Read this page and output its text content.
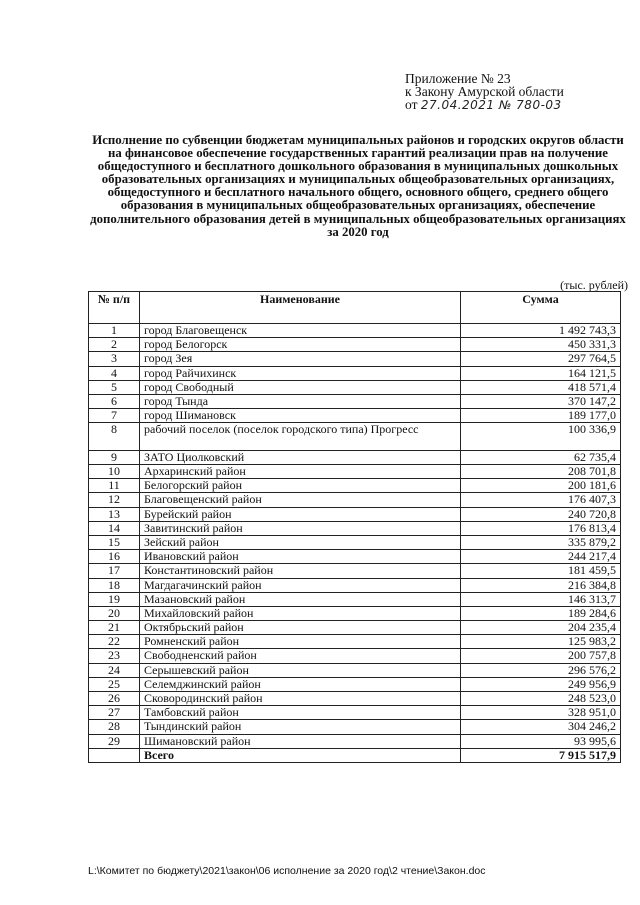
Приложение № 23
к Закону Амурской области
от 27.04.2021 № 780-03
Исполнение по субвенции бюджетам муниципальных районов и городских округов области на финансовое обеспечение государственных гарантий реализации прав на получение общедоступного и бесплатного дошкольного образования в муниципальных дошкольных образовательных организациях и муниципальных общеобразовательных организациях, общедоступного и бесплатного начального общего, основного общего, среднего общего образования в муниципальных общеобразовательных организациях, обеспечение дополнительного образования детей в муниципальных общеобразовательных организациях за 2020 год
(тыс. рублей)
№ п/п	Наименование	Сумма
1	город Благовещенск	1 492 743,3
2	город Белогорск	450 331,3
3	город Зея	297 764,5
4	город Райчихинск	164 121,5
5	город Свободный	418 571,4
6	город Тында	370 147,2
7	город Шимановск	189 177,0
8	рабочий поселок (поселок городского типа) Прогресс	100 336,9
9	ЗАТО Циолковский	62 735,4
10	Архаринский район	208 701,8
11	Белогорский район	200 181,6
12	Благовещенский район	176 407,3
13	Бурейский район	240 720,8
14	Завитинский район	176 813,4
15	Зейский район	335 879,2
16	Ивановский район	244 217,4
17	Константиновский район	181 459,5
18	Магдагачинский район	216 384,8
19	Мазановский район	146 313,7
20	Михайловский район	189 284,6
21	Октябрьский район	204 235,4
22	Ромненский район	125 983,2
23	Свободненский район	200 757,8
24	Серышевский район	296 576,2
25	Селемджинский район	249 956,9
26	Сковородинский район	248 523,0
27	Тамбовский район	328 951,0
28	Тындинский район	304 246,2
29	Шимановский район	93 995,6
	Всего	7 915 517,9
L:\Комитет по бюджету\2021\закон\06 исполнение за 2020 год\2 чтение\Закон.doc
